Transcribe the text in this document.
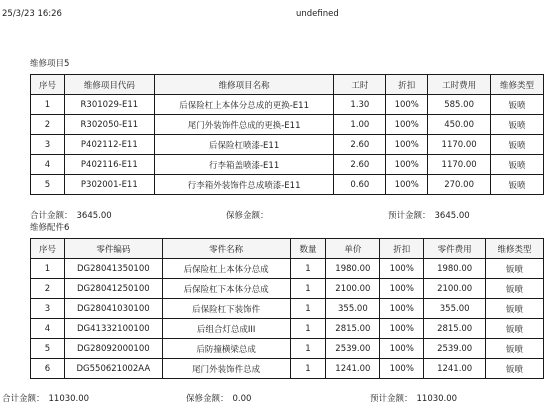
25/3/23 16:26	undefined
维修项目5
序号	维修项目代码	维修项目名称	工时	折扣	工时费用	维修类型
1	R301029-E11	后保险杠上本体分总成的更换-E11	1.30	100%	585.00	钣喷
2	R302050-E11	尾门外装饰件总成的更换-E11	1.00	100%	450.00	钣喷
3	P402112-E11	后保险杠喷漆-E11	2.60	100%	1170.00	钣喷
4	P402116-E11	行李箱盖喷漆-E11	2.60	100%	1170.00	钣喷
5	P302001-E11	行李箱外装饰件总成喷漆-E11	0.60	100%	270.00	钣喷
合计金额： 3645.00	保修金额：	预计金额： 3645.00
维修配件6
序号	零件编码	零件名称	数量	单价	折扣	零件费用	维修类型
1	DG28041350100	后保险杠上本体分总成	1	1980.00	100%	1980.00	钣喷
2	DG28041250100	后保险杠下本体分总成	1	2100.00	100%	2100.00	钣喷
3	DG28041030100	后保险杠下装饰件	1	355.00	100%	355.00	钣喷
4	DG41332100100	后组合灯总成III	1	2815.00	100%	2815.00	钣喷
5	DG28092000100	后防撞横梁总成	1	2539.00	100%	2539.00	钣喷
6	DG550621002AA	尾门外装饰件总成	1	1241.00	100%	1241.00	钣喷
合计金额： 11030.00	保修金额： 0.00	预计金额： 11030.00
